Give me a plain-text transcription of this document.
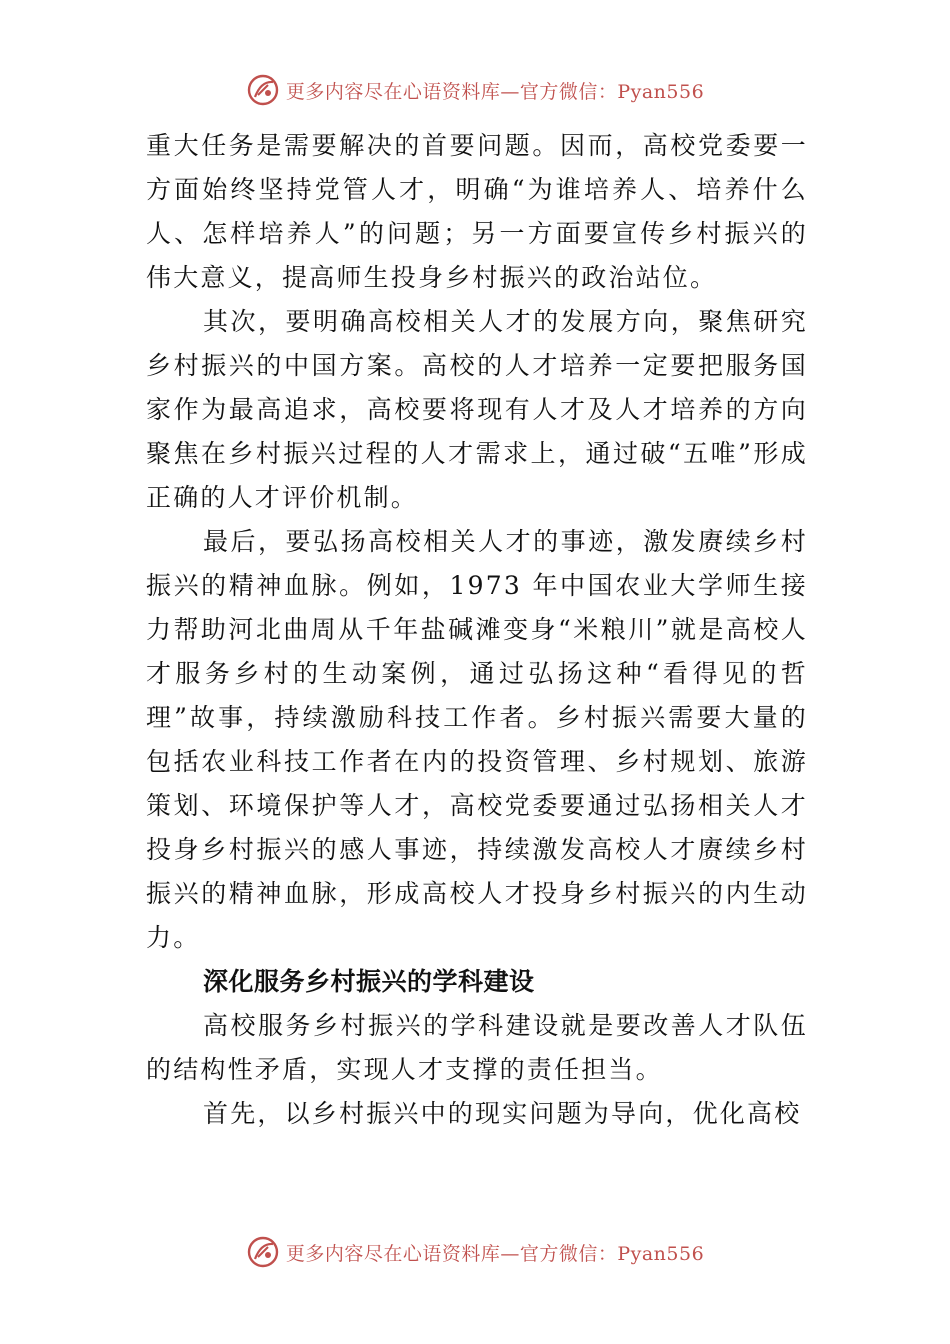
更多内容尽在心语资料库—官方微信：Pyan556

重大任务是需要解决的首要问题。因而，高校党委要一方面始终坚持党管人才，明确“为谁培养人、培养什么人、怎样培养人”的问题；另一方面要宣传乡村振兴的伟大意义，提高师生投身乡村振兴的政治站位。

其次，要明确高校相关人才的发展方向，聚焦研究乡村振兴的中国方案。高校的人才培养一定要把服务国家作为最高追求，高校要将现有人才及人才培养的方向聚焦在乡村振兴过程的人才需求上，通过破“五唯”形成正确的人才评价机制。

最后，要弘扬高校相关人才的事迹，激发赓续乡村振兴的精神血脉。例如，1973 年中国农业大学师生接力帮助河北曲周从千年盐碱滩变身“米粮川”就是高校人才服务乡村的生动案例，通过弘扬这种“看得见的哲理”故事，持续激励科技工作者。乡村振兴需要大量的包括农业科技工作者在内的投资管理、乡村规划、旅游策划、环境保护等人才，高校党委要通过弘扬相关人才投身乡村振兴的感人事迹，持续激发高校人才赓续乡村振兴的精神血脉，形成高校人才投身乡村振兴的内生动力。

深化服务乡村振兴的学科建设

高校服务乡村振兴的学科建设就是要改善人才队伍的结构性矛盾，实现人才支撑的责任担当。

首先，以乡村振兴中的现实问题为导向，优化高校

更多内容尽在心语资料库—官方微信：Pyan556
